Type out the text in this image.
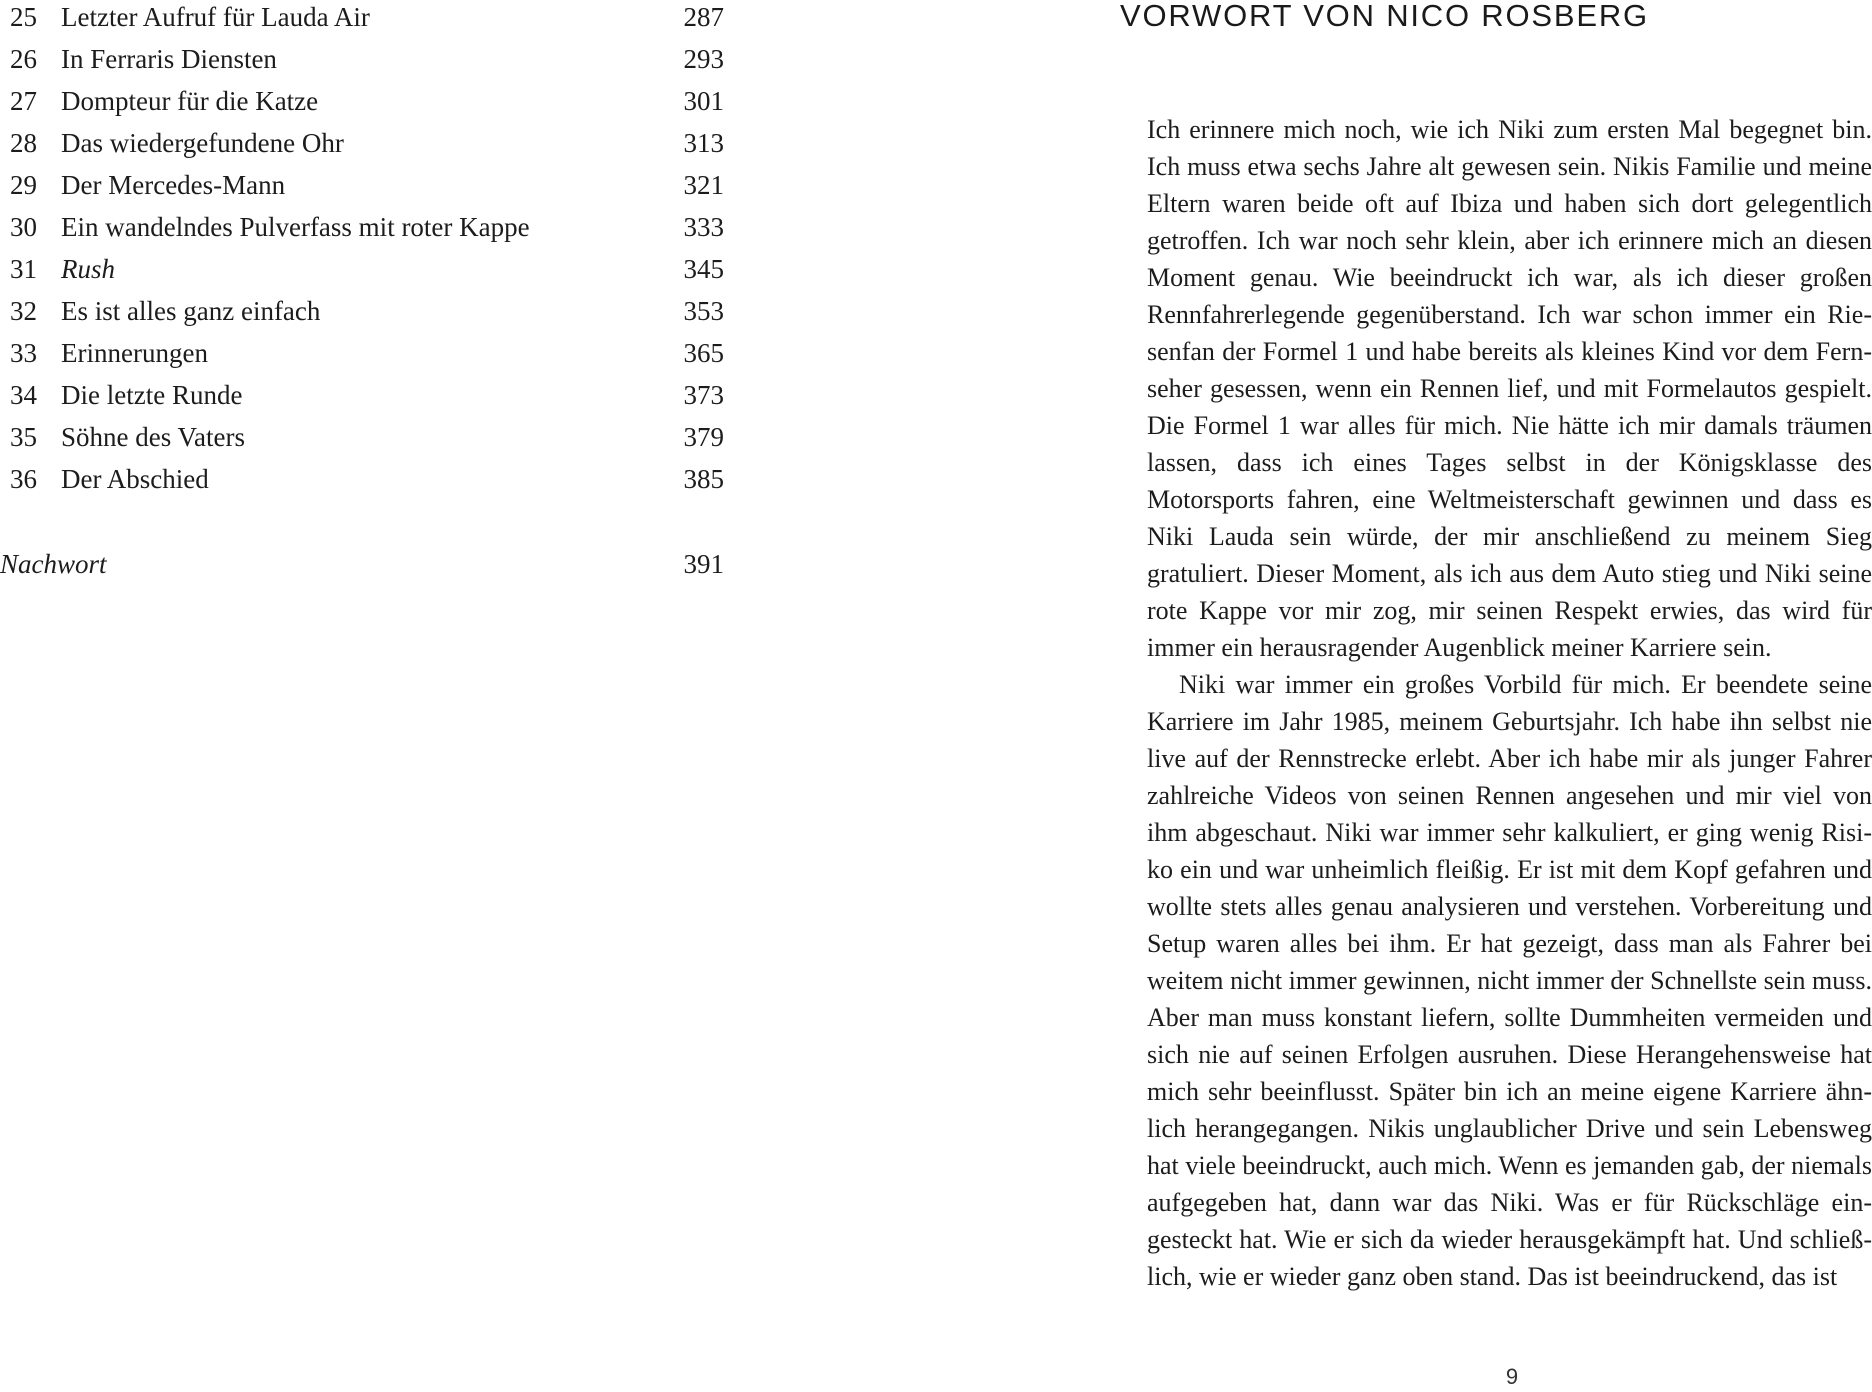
25 Letzter Aufruf für Lauda Air	287
26 In Ferraris Diensten	293
27 Dompteur für die Katze	301
28 Das wiedergefundene Ohr	313
29 Der Mercedes-Mann	321
30 Ein wandelndes Pulverfass mit roter Kappe	333
31 Rush	345
32 Es ist alles ganz einfach	353
33 Erinnerungen	365
34 Die letzte Runde	373
35 Söhne des Vaters	379
36 Der Abschied	385
Nachwort	391
VORWORT VON NICO ROSBERG

Ich erinnere mich noch, wie ich Niki zum ersten Mal begegnet bin. Ich muss etwa sechs Jahre alt gewesen sein. Nikis Familie und meine Eltern waren beide oft auf Ibiza und haben sich dort gelegentlich getroffen. Ich war noch sehr klein, aber ich erinnere mich an diesen Moment genau. Wie beeindruckt ich war, als ich dieser großen Rennfahrerlegende gegenüberstand. Ich war schon immer ein Riesenfan der Formel 1 und habe bereits als kleines Kind vor dem Fernseher gesessen, wenn ein Rennen lief, und mit Formelautos gespielt. Die Formel 1 war alles für mich. Nie hätte ich mir damals träumen lassen, dass ich eines Tages selbst in der Königsklasse des Motorsports fahren, eine Weltmeisterschaft gewinnen und dass es Niki Lauda sein würde, der mir anschließend zu meinem Sieg gratuliert. Dieser Moment, als ich aus dem Auto stieg und Niki seine rote Kappe vor mir zog, mir seinen Respekt erwies, das wird für immer ein herausragender Augenblick meiner Karriere sein.

Niki war immer ein großes Vorbild für mich. Er beendete seine Karriere im Jahr 1985, meinem Geburtsjahr. Ich habe ihn selbst nie live auf der Rennstrecke erlebt. Aber ich habe mir als junger Fahrer zahlreiche Videos von seinen Rennen angesehen und mir viel von ihm abgeschaut. Niki war immer sehr kalkuliert, er ging wenig Risiko ein und war unheimlich fleißig. Er ist mit dem Kopf gefahren und wollte stets alles genau analysieren und verstehen. Vorbereitung und Setup waren alles bei ihm. Er hat gezeigt, dass man als Fahrer bei weitem nicht immer gewinnen, nicht immer der Schnellste sein muss. Aber man muss konstant liefern, sollte Dummheiten vermeiden und sich nie auf seinen Erfolgen ausruhen. Diese Herangehensweise hat mich sehr beeinflusst. Später bin ich an meine eigene Karriere ähnlich herangegangen. Nikis unglaublicher Drive und sein Lebensweg hat viele beeindruckt, auch mich. Wenn es jemanden gab, der niemals aufgegeben hat, dann war das Niki. Was er für Rückschläge eingesteckt hat. Wie er sich da wieder herausgekämpft hat. Und schließlich, wie er wieder ganz oben stand. Das ist beeindruckend, das ist

9
